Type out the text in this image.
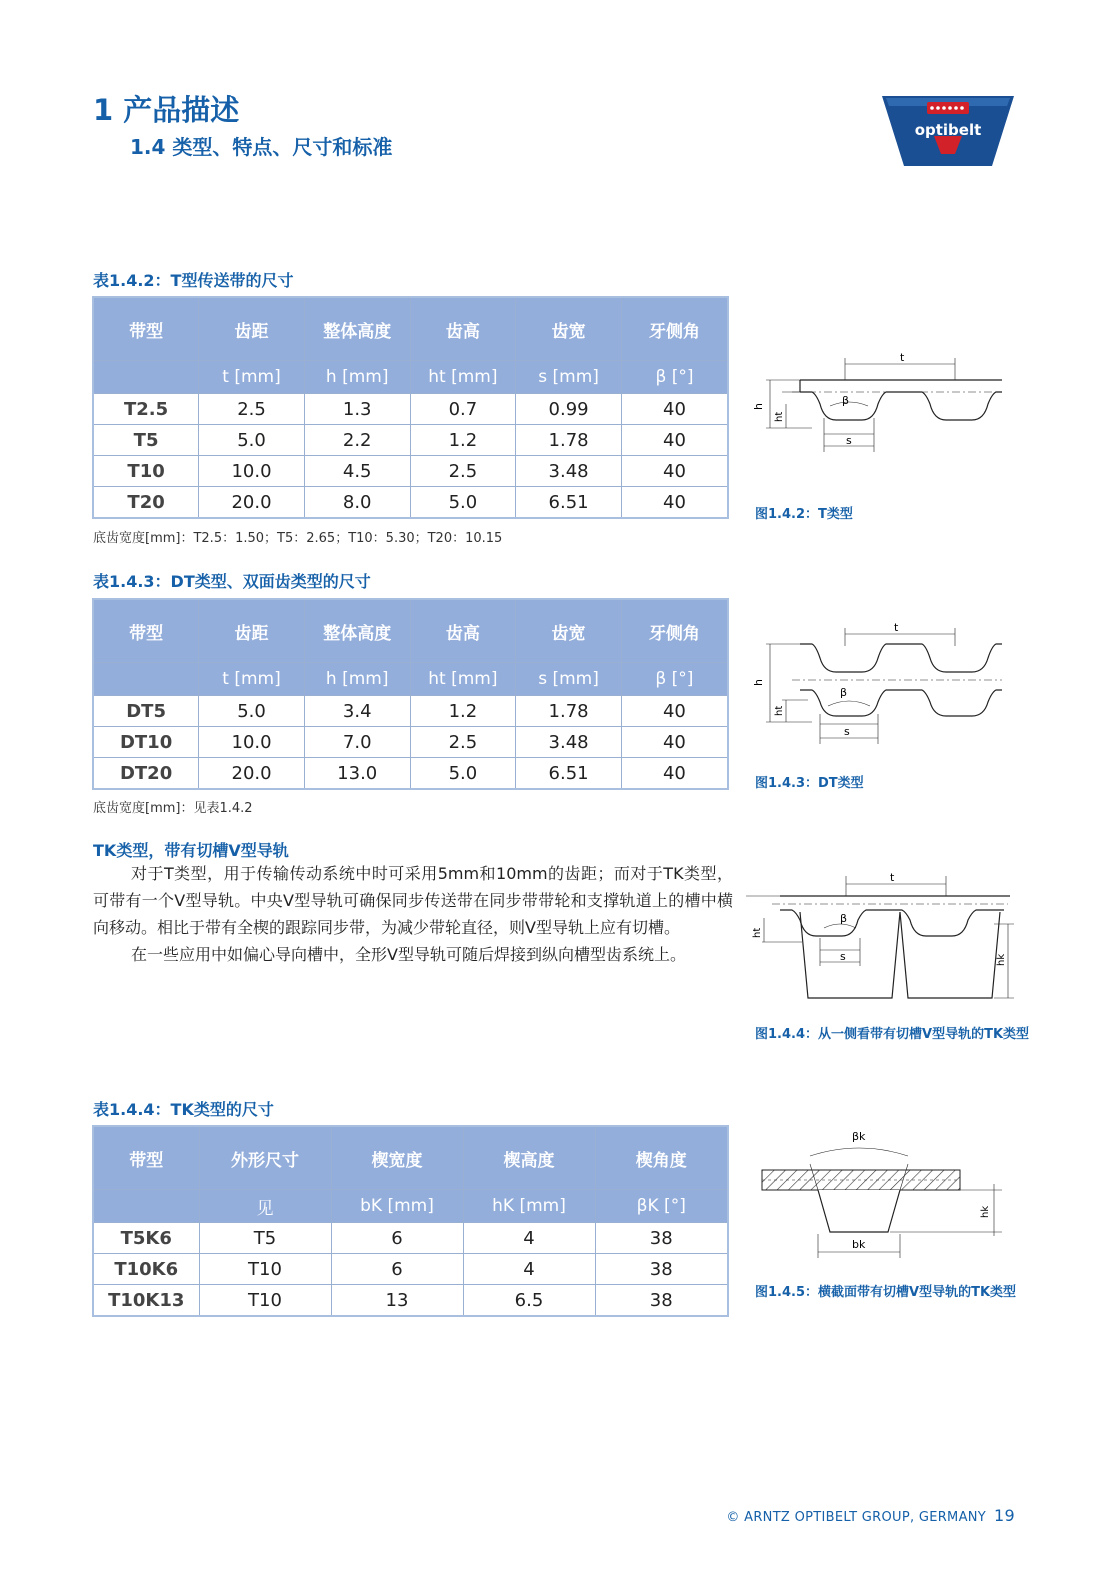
1 产品描述
1.4 类型、特点、尺寸和标准
optibelt
表1.4.2：T型传送带的尺寸
带型	齿距	整体高度	齿高	齿宽	牙侧角
	t [mm]	h [mm]	ht [mm]	s [mm]	β [°]
T2.5	2.5	1.3	0.7	0.99	40
T5	5.0	2.2	1.2	1.78	40
T10	10.0	4.5	2.5	3.48	40
T20	20.0	8.0	5.0	6.51	40
底齿宽度[mm]：T2.5：1.50；T5：2.65；T10：5.30；T20：10.15
t
h
ht
β
s
图1.4.2：T类型
表1.4.3：DT类型、双面齿类型的尺寸
带型	齿距	整体高度	齿高	齿宽	牙侧角
	t [mm]	h [mm]	ht [mm]	s [mm]	β [°]
DT5	5.0	3.4	1.2	1.78	40
DT10	10.0	7.0	2.5	3.48	40
DT20	20.0	13.0	5.0	6.51	40
底齿宽度[mm]：见表1.4.2
t
h
ht
β
s
图1.4.3：DT类型
TK类型，带有切槽V型导轨

对于T类型，用于传输传动系统中时可采用5mm和10mm的齿距；而对于TK类型，可带有一个V型导轨。中央V型导轨可确保同步传送带在同步带带轮和支撑轨道上的槽中横向移动。相比于带有全楔的跟踪同步带，为减少带轮直径，则V型导轨上应有切槽。

在一些应用中如偏心导向槽中，全形V型导轨可随后焊接到纵向槽型齿系统上。

t
ht
β
s	hk
图1.4.4：从一侧看带有切槽V型导轨的TK类型
表1.4.4：TK类型的尺寸
带型	外形尺寸	楔宽度	楔高度	楔角度
	见	bK [mm]	hK [mm]	βK [°]
T5K6	T5	6	4	38
T10K6	T10	6	4	38
T10K13	T10	13	6.5	38
βk
bk
hk
图1.4.5：横截面带有切槽V型导轨的TK类型
© ARNTZ OPTIBELT GROUP, GERMANY 19
